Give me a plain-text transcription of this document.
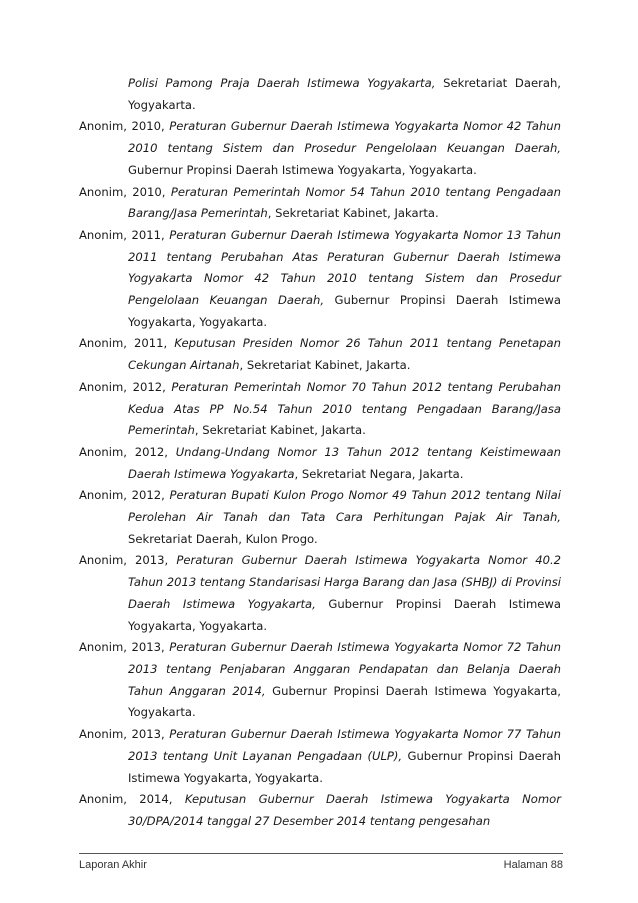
Polisi Pamong Praja Daerah Istimewa Yogyakarta, Sekretariat Daerah, Yogyakarta.

Anonim, 2010, Peraturan Gubernur Daerah Istimewa Yogyakarta Nomor 42 Tahun 2010 tentang Sistem dan Prosedur Pengelolaan Keuangan Daerah, Gubernur Propinsi Daerah Istimewa Yogyakarta, Yogyakarta.

Anonim, 2010, Peraturan Pemerintah Nomor 54 Tahun 2010 tentang Pengadaan Barang/Jasa Pemerintah, Sekretariat Kabinet, Jakarta.

Anonim, 2011, Peraturan Gubernur Daerah Istimewa Yogyakarta Nomor 13 Tahun 2011 tentang Perubahan Atas Peraturan Gubernur Daerah Istimewa Yogyakarta Nomor 42 Tahun 2010 tentang Sistem dan Prosedur Pengelolaan Keuangan Daerah, Gubernur Propinsi Daerah Istimewa Yogyakarta, Yogyakarta.

Anonim, 2011, Keputusan Presiden Nomor 26 Tahun 2011 tentang Penetapan Cekungan Airtanah, Sekretariat Kabinet, Jakarta.

Anonim, 2012, Peraturan Pemerintah Nomor 70 Tahun 2012 tentang Perubahan Kedua Atas PP No.54 Tahun 2010 tentang Pengadaan Barang/Jasa Pemerintah, Sekretariat Kabinet, Jakarta.

Anonim, 2012, Undang-Undang Nomor 13 Tahun 2012 tentang Keistimewaan Daerah Istimewa Yogyakarta, Sekretariat Negara, Jakarta.

Anonim, 2012, Peraturan Bupati Kulon Progo Nomor 49 Tahun 2012 tentang Nilai Perolehan Air Tanah dan Tata Cara Perhitungan Pajak Air Tanah, Sekretariat Daerah, Kulon Progo.

Anonim, 2013, Peraturan Gubernur Daerah Istimewa Yogyakarta Nomor 40.2 Tahun 2013 tentang Standarisasi Harga Barang dan Jasa (SHBJ) di Provinsi Daerah Istimewa Yogyakarta, Gubernur Propinsi Daerah Istimewa Yogyakarta, Yogyakarta.

Anonim, 2013, Peraturan Gubernur Daerah Istimewa Yogyakarta Nomor 72 Tahun 2013 tentang Penjabaran Anggaran Pendapatan dan Belanja Daerah Tahun Anggaran 2014, Gubernur Propinsi Daerah Istimewa Yogyakarta, Yogyakarta.

Anonim, 2013, Peraturan Gubernur Daerah Istimewa Yogyakarta Nomor 77 Tahun 2013 tentang Unit Layanan Pengadaan (ULP), Gubernur Propinsi Daerah Istimewa Yogyakarta, Yogyakarta.

Anonim, 2014, Keputusan Gubernur Daerah Istimewa Yogyakarta Nomor 30/DPA/2014 tanggal 27 Desember 2014 tentang pengesahan

Laporan Akhir	Halaman 88
